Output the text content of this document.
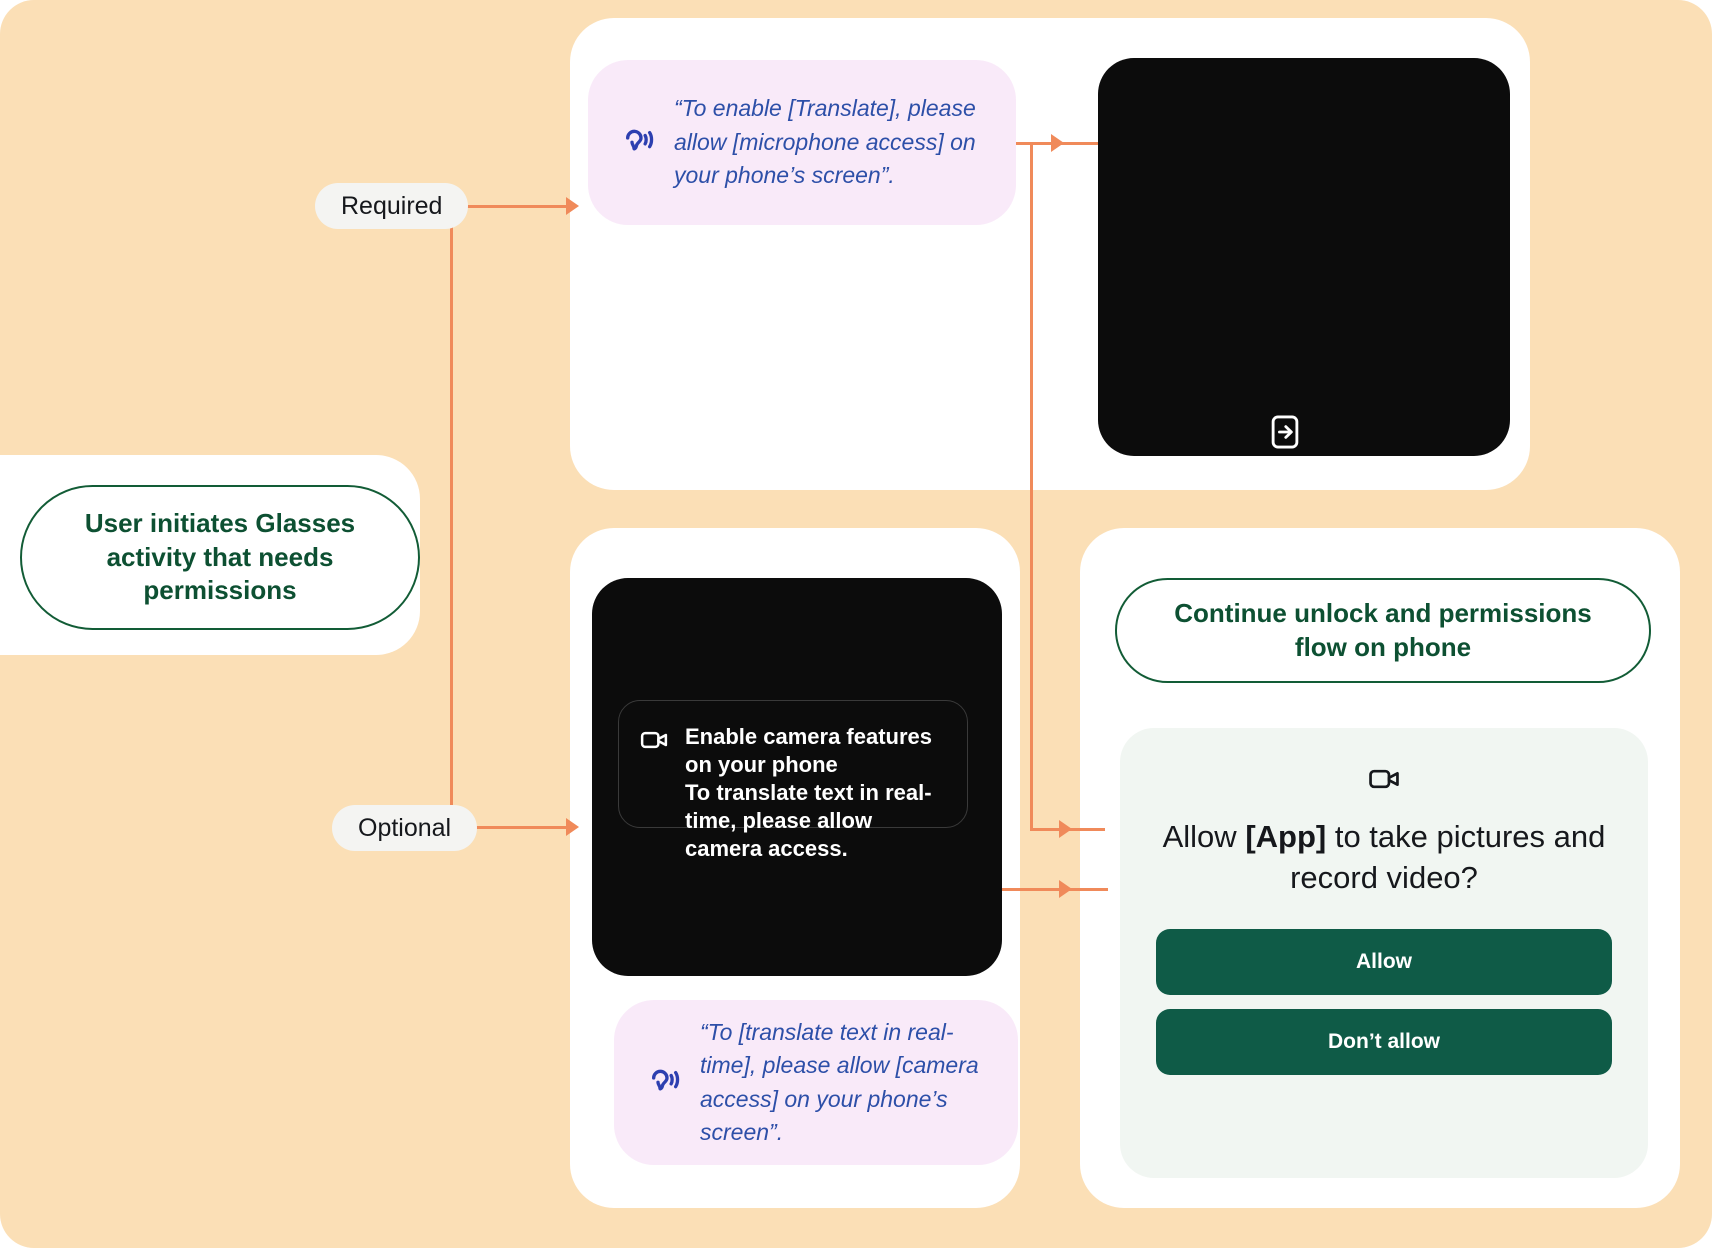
User initiates Glasses activity that needs permissions
Required
Optional
“To enable [Translate], please allow [microphone access] on your phone’s screen”.
Enable camera features on your phone
To translate text in real-time, please allow camera access.
“To [translate text in real-time], please allow [camera access] on your phone’s screen”.
Continue unlock and permissions flow on phone
Allow [App] to take pictures and record video?
Allow
Don’t allow
